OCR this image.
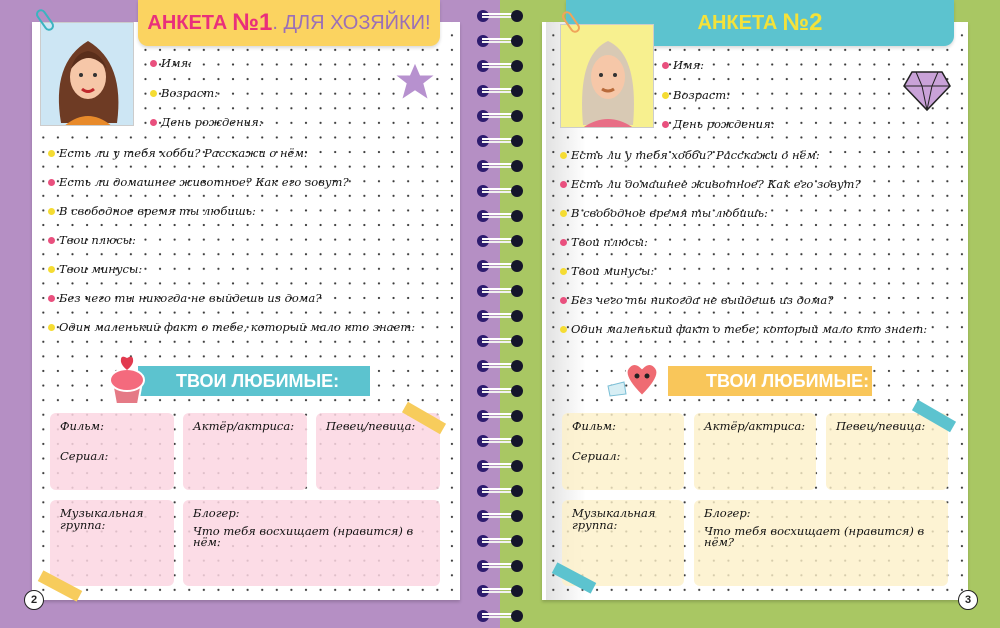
АНКЕТА №1 . ДЛЯ ХОЗЯЙКИ!
Имя:
Возраст:
День рождения:
Есть ли у тебя хобби? Расскажи о нём:
Есть ли домашнее животное? Как его зовут?
В свободное время ты любишь:
Твои плюсы:
Твои минусы:
Без чего ты никогда не выйдешь из дома?
Один маленький факт о тебе, который мало кто знает:
ТВОИ ЛЮБИМЫЕ:
Фильм:
Сериал:
Актёр/актриса:	Певец/певица:
Музыкальная группа:
Блогер:
Что тебя восхищает (нравится) в нём:
2
АНКЕТА №2
Имя:
Возраст:
День рождения:
Есть ли у тебя хобби? Расскажи о нём:
Есть ли домашнее животное? Как его зовут?
В свободное время ты любишь:
Твои плюсы:
Твои минусы:
Без чего ты никогда не выйдешь из дома?
Один маленький факт о тебе, который мало кто знает:
ТВОИ ЛЮБИМЫЕ:
Фильм:
Сериал:
Актёр/актриса:	Певец/певица:
Музыкальная группа:
Блогер:
Что тебя восхищает (нравится) в нём?
3
